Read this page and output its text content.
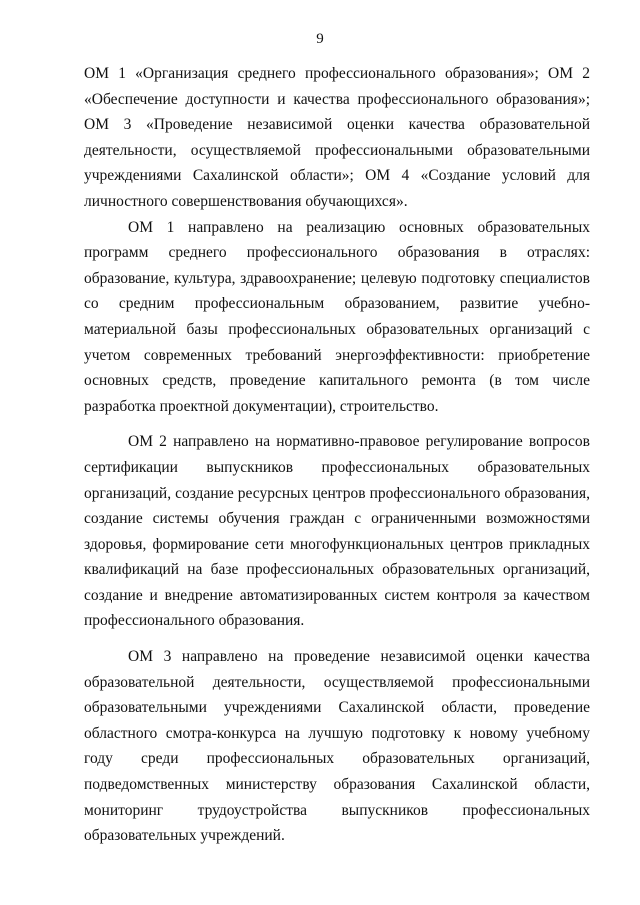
9

ОМ 1 «Организация среднего профессионального образования»; ОМ 2 «Обеспечение доступности и качества профессионального образования»; ОМ 3 «Проведение независимой оценки качества образовательной деятельности, осуществляемой профессиональными образовательными учреждениями Сахалинской области»; ОМ 4 «Создание условий для личностного совершенствования обучающихся».

ОМ 1 направлено на реализацию основных образовательных программ среднего профессионального образования в отраслях: образование, культура, здравоохранение; целевую подготовку специалистов со средним профессиональным образованием, развитие учебно-материальной базы профессиональных образовательных организаций с учетом современных требований энергоэффективности: приобретение основных средств, проведение капитального ремонта (в том числе разработка проектной документации), строительство.

ОМ 2 направлено на нормативно-правовое регулирование вопросов сертификации выпускников профессиональных образовательных организаций, создание ресурсных центров профессионального образования, создание системы обучения граждан с ограниченными возможностями здоровья, формирование сети многофункциональных центров прикладных квалификаций на базе профессиональных образовательных организаций, создание и внедрение автоматизированных систем контроля за качеством профессионального образования.

ОМ 3 направлено на проведение независимой оценки качества образовательной деятельности, осуществляемой профессиональными образовательными учреждениями Сахалинской области, проведение областного смотра-конкурса на лучшую подготовку к новому учебному году среди профессиональных образовательных организаций, подведомственных министерству образования Сахалинской области, мониторинг трудоустройства выпускников профессиональных образовательных учреждений.
